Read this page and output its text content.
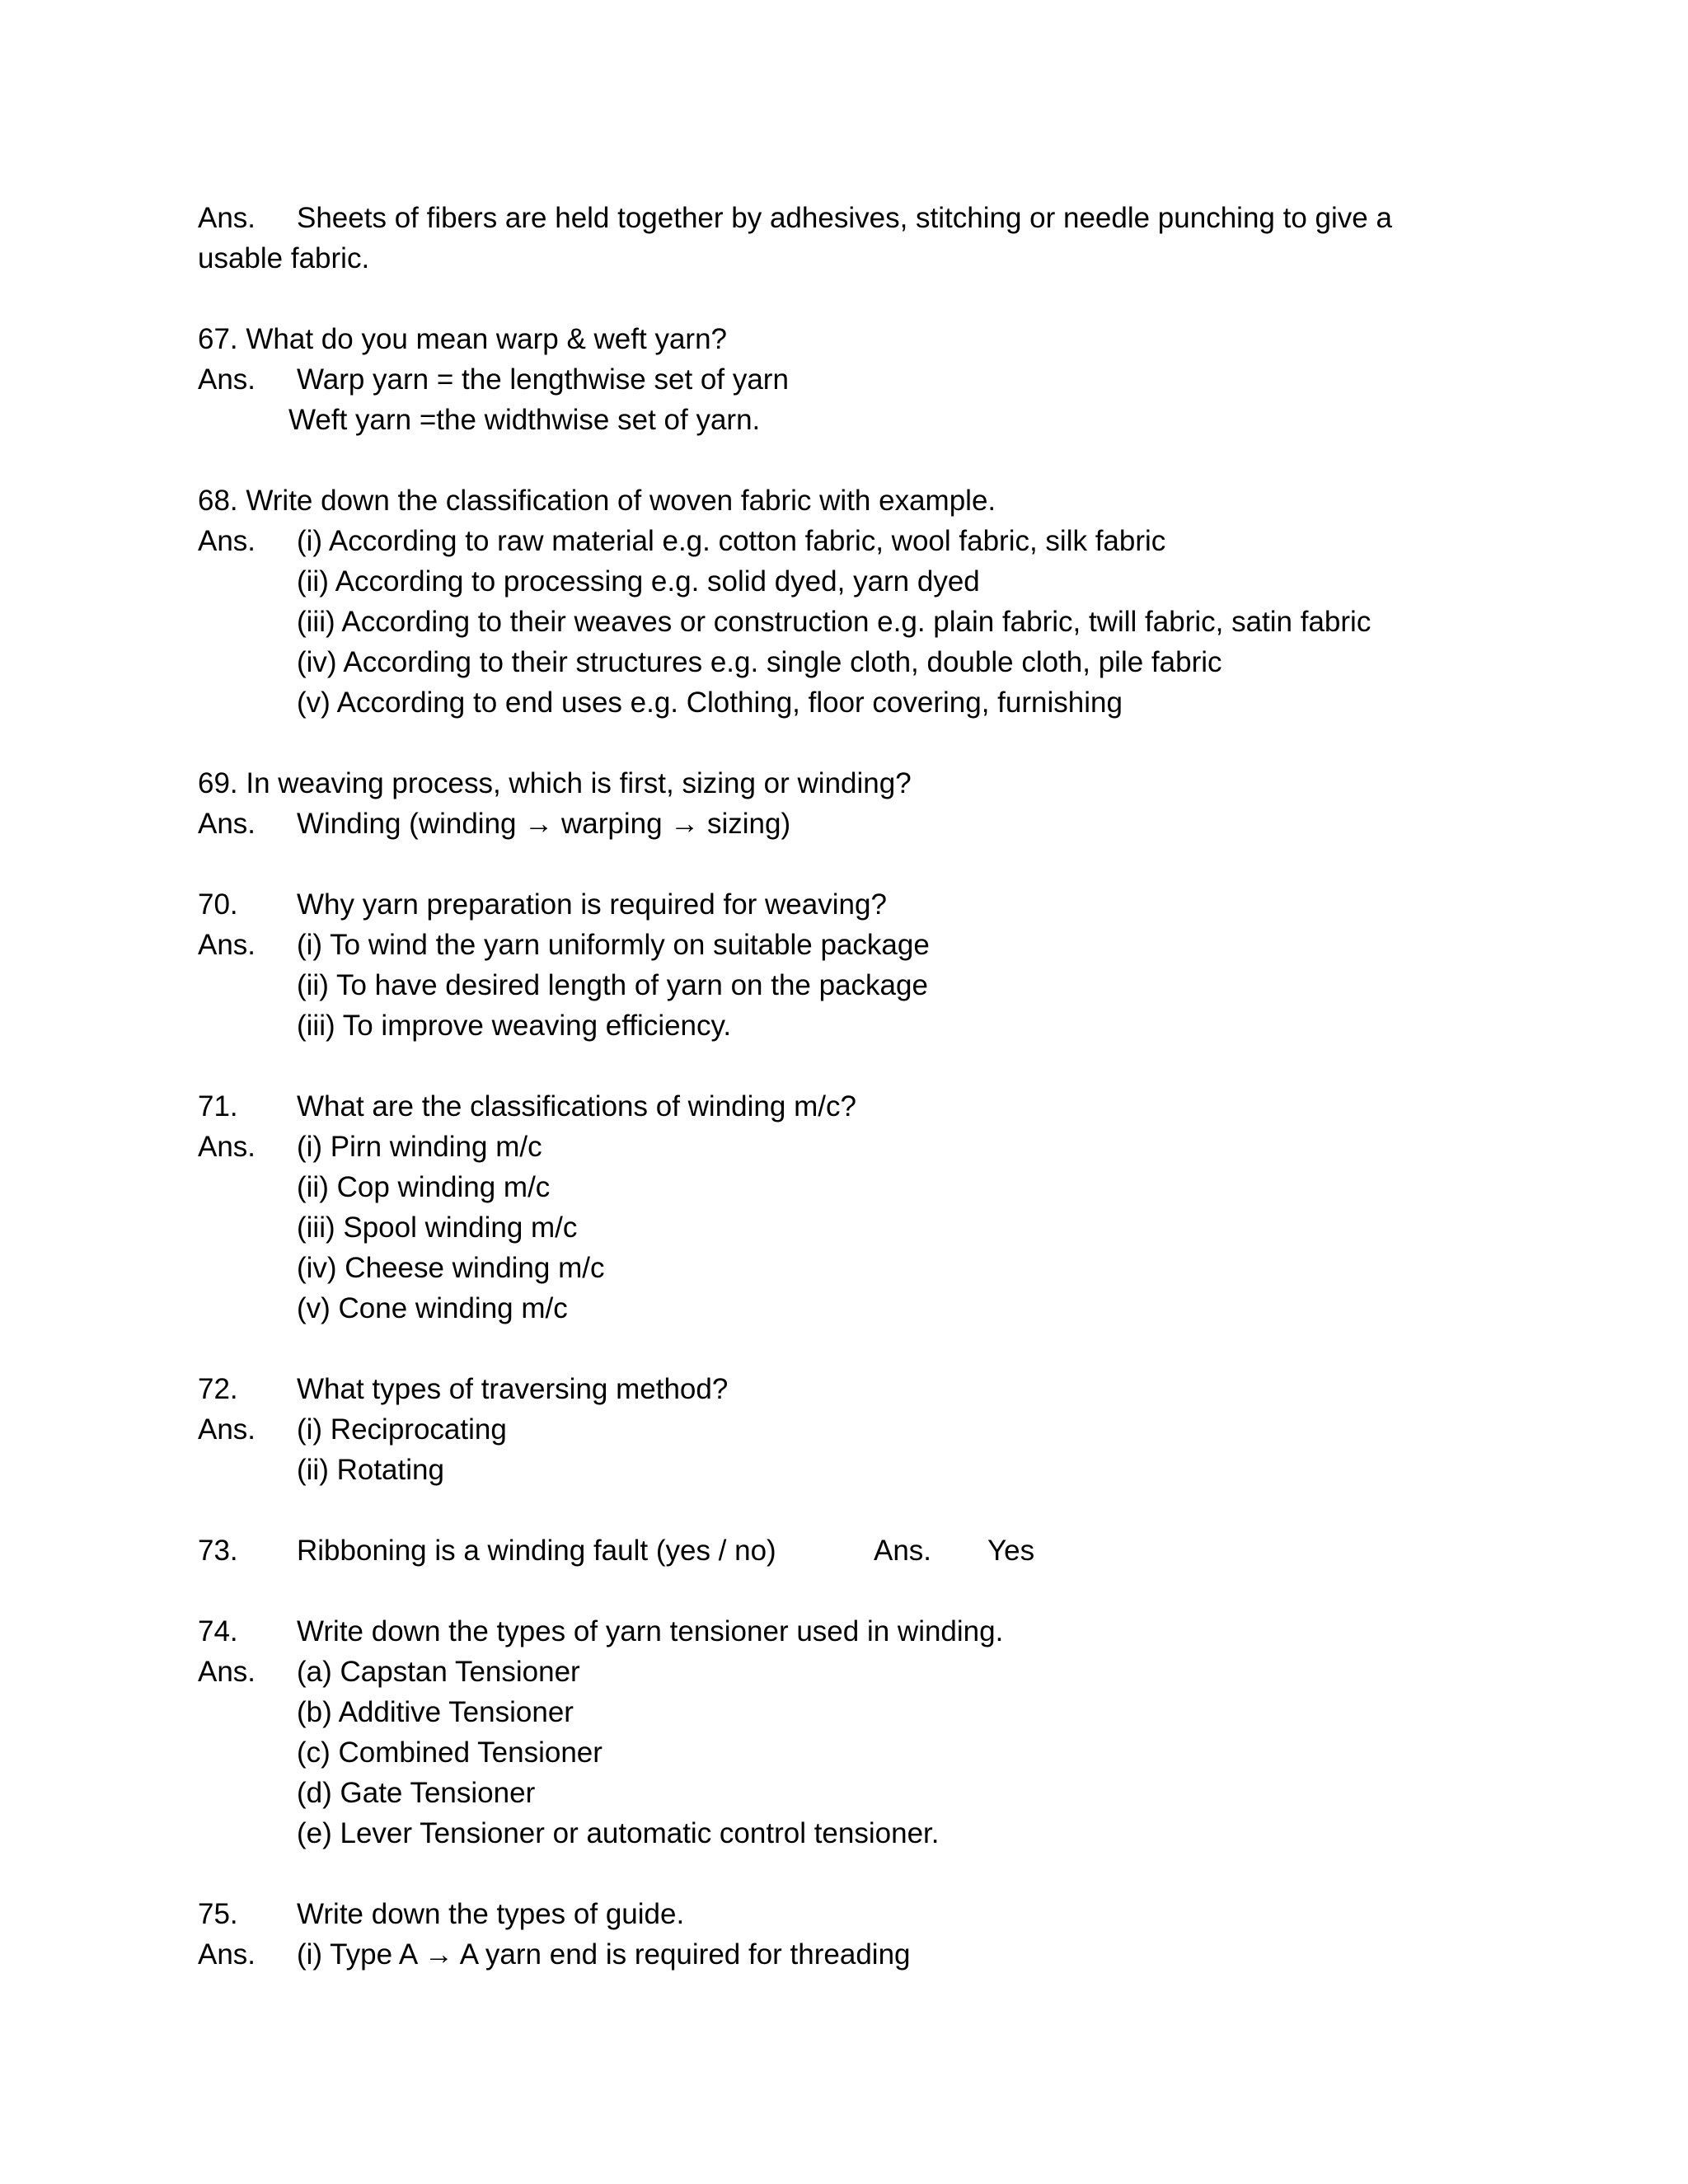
Ans. Sheets of fibers are held together by adhesives, stitching or needle punching to give a
usable fabric.
67. What do you mean warp & weft yarn?
Ans. Warp yarn = the lengthwise set of yarn
Weft yarn =the widthwise set of yarn.
68. Write down the classification of woven fabric with example.
Ans. (i) According to raw material e.g. cotton fabric, wool fabric, silk fabric
(ii) According to processing e.g. solid dyed, yarn dyed
(iii) According to their weaves or construction e.g. plain fabric, twill fabric, satin fabric
(iv) According to their structures e.g. single cloth, double cloth, pile fabric
(v) According to end uses e.g. Clothing, floor covering, furnishing
69. In weaving process, which is first, sizing or winding?
Ans. Winding (winding → warping → sizing)
70. Why yarn preparation is required for weaving?
Ans. (i) To wind the yarn uniformly on suitable package
(ii) To have desired length of yarn on the package
(iii) To improve weaving efficiency.
71. What are the classifications of winding m/c?
Ans. (i) Pirn winding m/c
(ii) Cop winding m/c
(iii) Spool winding m/c
(iv) Cheese winding m/c
(v) Cone winding m/c
72. What types of traversing method?
Ans. (i) Reciprocating
(ii) Rotating
73. Ribboning is a winding fault (yes / no)	Ans. Yes
74. Write down the types of yarn tensioner used in winding.
Ans. (a) Capstan Tensioner
(b) Additive Tensioner
(c) Combined Tensioner
(d) Gate Tensioner
(e) Lever Tensioner or automatic control tensioner.
75. Write down the types of guide.
Ans. (i) Type A → A yarn end is required for threading
